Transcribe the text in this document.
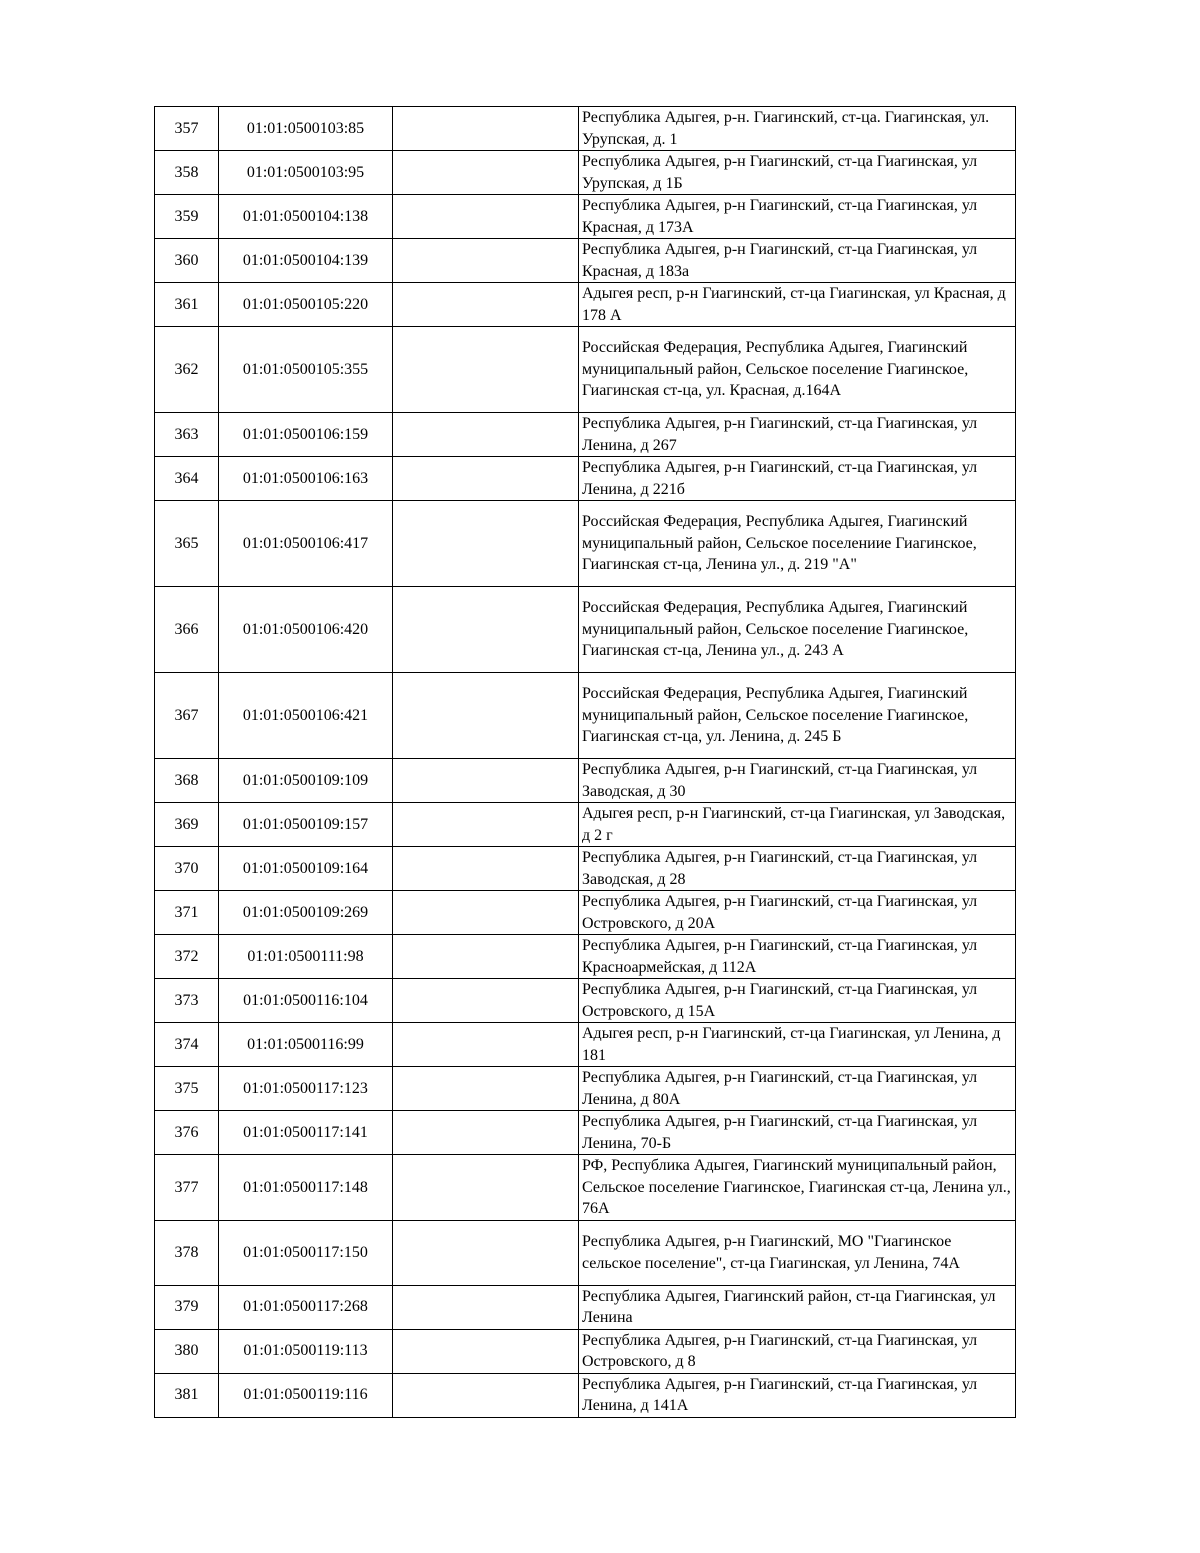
357	01:01:0500103:85		Республика Адыгея, р-н. Гиагинский, ст-ца. Гиагинская, ул. Урупская, д. 1
358	01:01:0500103:95		Республика Адыгея, р-н Гиагинский, ст-ца Гиагинская, ул Урупская, д 1Б
359	01:01:0500104:138		Республика Адыгея, р-н Гиагинский, ст-ца Гиагинская, ул Красная, д 173А
360	01:01:0500104:139		Республика Адыгея, р-н Гиагинский, ст-ца Гиагинская, ул Красная, д 183а
361	01:01:0500105:220		Адыгея респ, р-н Гиагинский, ст-ца Гиагинская, ул Красная, д 178 А
362	01:01:0500105:355		Российская Федерация, Республика Адыгея, Гиагинский муниципальный район, Сельское поселение Гиагинское, Гиагинская ст-ца, ул. Красная, д.164А
363	01:01:0500106:159		Республика Адыгея, р-н Гиагинский, ст-ца Гиагинская, ул Ленина, д 267
364	01:01:0500106:163		Республика Адыгея, р-н Гиагинский, ст-ца Гиагинская, ул Ленина, д 221б
365	01:01:0500106:417		Российская Федерация, Республика Адыгея, Гиагинский муниципальный район, Сельское поселениие Гиагинское, Гиагинская ст-ца, Ленина ул., д. 219 "А"
366	01:01:0500106:420		Российская Федерация, Республика Адыгея, Гиагинский муниципальный район, Сельское поселение Гиагинское, Гиагинская ст-ца, Ленина ул., д. 243 А
367	01:01:0500106:421		Российская Федерация, Республика Адыгея, Гиагинский муниципальный район, Сельское поселение Гиагинское, Гиагинская ст-ца, ул. Ленина, д. 245 Б
368	01:01:0500109:109		Республика Адыгея, р-н Гиагинский, ст-ца Гиагинская, ул Заводская, д 30
369	01:01:0500109:157		Адыгея респ, р-н Гиагинский, ст-ца Гиагинская, ул Заводская, д 2 г
370	01:01:0500109:164		Республика Адыгея, р-н Гиагинский, ст-ца Гиагинская, ул Заводская, д 28
371	01:01:0500109:269		Республика Адыгея, р-н Гиагинский, ст-ца Гиагинская, ул Островского, д 20А
372	01:01:0500111:98		Республика Адыгея, р-н Гиагинский, ст-ца Гиагинская, ул Красноармейская, д 112А
373	01:01:0500116:104		Республика Адыгея, р-н Гиагинский, ст-ца Гиагинская, ул Островского, д 15А
374	01:01:0500116:99		Адыгея респ, р-н Гиагинский, ст-ца Гиагинская, ул Ленина, д 181
375	01:01:0500117:123		Республика Адыгея, р-н Гиагинский, ст-ца Гиагинская, ул Ленина, д 80А
376	01:01:0500117:141		Республика Адыгея, р-н Гиагинский, ст-ца Гиагинская, ул Ленина, 70-Б
377	01:01:0500117:148		РФ, Республика Адыгея, Гиагинский муниципальный район, Сельское поселение Гиагинское, Гиагинская ст-ца, Ленина ул., 76А
378	01:01:0500117:150		Республика Адыгея, р-н Гиагинский, МО "Гиагинское сельское поселение", ст-ца Гиагинская, ул Ленина, 74А
379	01:01:0500117:268		Республика Адыгея, Гиагинский район, ст-ца Гиагинская, ул Ленина
380	01:01:0500119:113		Республика Адыгея, р-н Гиагинский, ст-ца Гиагинская, ул Островского, д 8
381	01:01:0500119:116		Республика Адыгея, р-н Гиагинский, ст-ца Гиагинская, ул Ленина, д 141А
